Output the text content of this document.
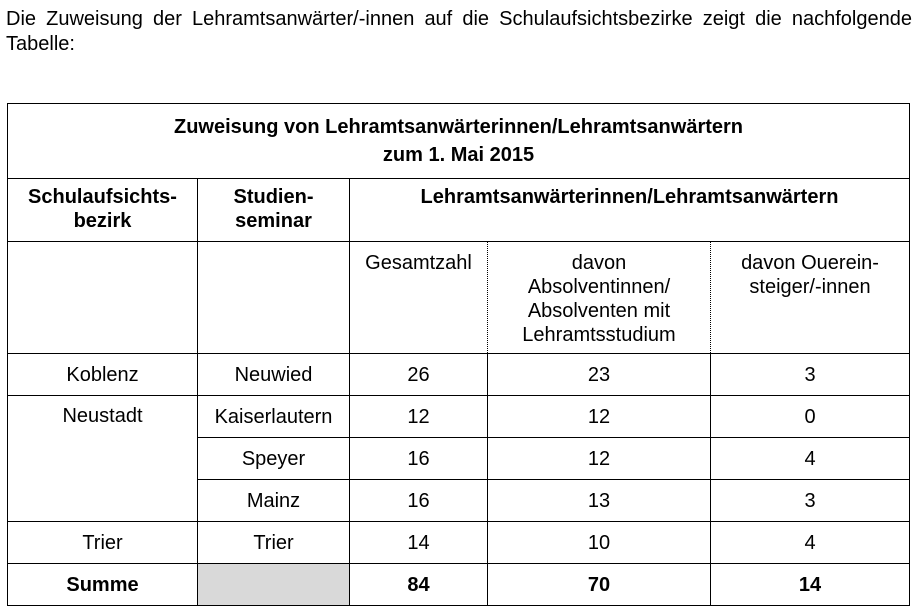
Die Zuweisung der Lehramtsanwärter/-innen auf die Schulaufsichtsbezirke zeigt die nachfolgende Tabelle:
Zuweisung von Lehramtsanwärterinnen/Lehramtsanwärtern
zum 1. Mai 2015				

Schulaufsichts-
bezirk	Studien-
seminar	Lehramtsanwärterinnen/Lehramtsanwärtern		
		Gesamtzahl	davon
Absolventinnen/
Absolventen mit
Lehramtsstudium	davon Ouerein-
steiger/-innen
Koblenz	Neuwied	26	23	3
Neustadt	Kaiserlautern	12	12	0
	Speyer	16	12	4
	Mainz	16	13	3
Trier	Trier	14	10	4
Summe		84	70	14
